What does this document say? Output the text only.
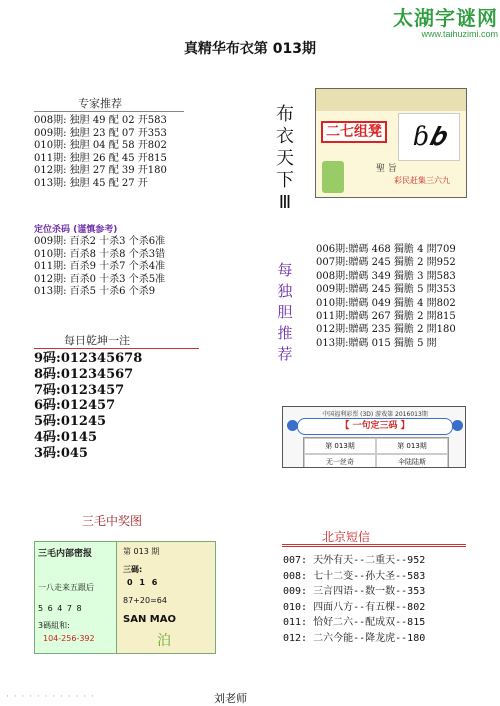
太湖字谜网
www.taihuzimi.com
真精华布衣第 013期
专家推荐
008期: 独胆 49 配 02 开583
009期: 独胆 23 配 07 开353
010期: 独胆 04 配 58 开802
011期: 独胆 26 配 45 开815
012期: 独胆 27 配 39 开180
013期: 独胆 45 配 27 开
定位杀码 (谨慎参考)
009期: 百杀2 十杀3 个杀6准
010期: 百杀8 十杀8 个杀3错
011期: 百杀9 十杀7 个杀4准
012期: 百杀0 十杀3 个杀5准
013期: 百杀5 十杀6 个杀9
每日乾坤一注
9码:012345678
8码:01234567
7码:0123457
6码:012457
5码:01245
4码:0145
3码:045
三毛中奖图
三毛内部密报
一八走来五跟后
5 6 4 7 8
3碼組和:
104-256-392
第 013 期
三碼:
0 1 6
87+20=64
SAN MAO
泊
布
衣
天
下
Ⅲ
二七组凳	ɓ𝒃
聖 旨
彩民赶集三六九
每
独
胆
推
荐
006期:贈碼 468 獨膽 4 開709
007期:贈碼 245 獨膽 2 開952
008期:贈碼 349 獨膽 3 開583
009期:贈碼 245 獨膽 5 開353
010期:贈碼 049 獨膽 4 開802
011期:贈碼 267 獨膽 2 開815
012期:贈碼 235 獨膽 2 開180
013期:贈碼 015 獨膽 5 開
中国福利彩票 (3D) 游戏第 2016013期
【 一句定三码 】
第 013期	第 013期
无一丝奇	伞陆陆斯
北京短信
007: 天外有天--二重天--952
008: 七十二变--孙大圣--583
009: 三言四语--数一数--353
010: 四面八方--有五棵--802
011: 恰好二六--配成双--815
012: 二六今能--降龙虎--180
· · · · · · · · · · · ·	刘老师
